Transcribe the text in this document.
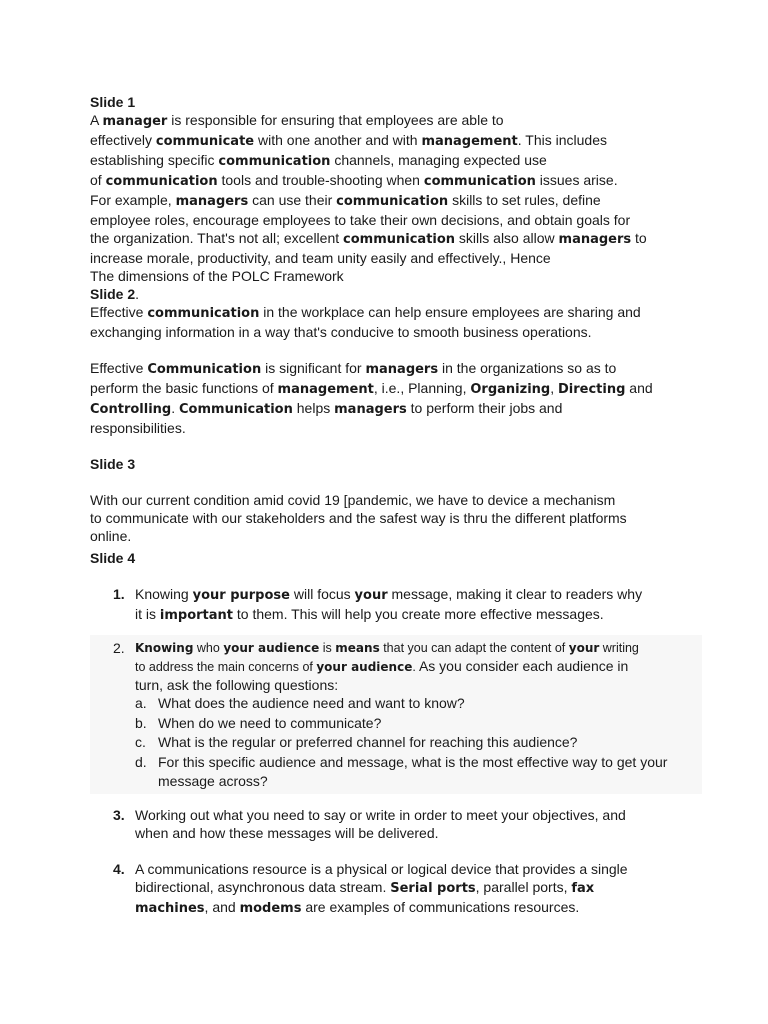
Slide 1

A manager is responsible for ensuring that employees are able to

effectively communicate with one another and with management. This includes

establishing specific communication channels, managing expected use

of communication tools and trouble-shooting when communication issues arise.

For example, managers can use their communication skills to set rules, define

employee roles, encourage employees to take their own decisions, and obtain goals for

the organization. That's not all; excellent communication skills also allow managers to

increase morale, productivity, and team unity easily and effectively., Hence

The dimensions of the POLC Framework

Slide 2.

Effective communication in the workplace can help ensure employees are sharing and

exchanging information in a way that's conducive to smooth business operations.

Effective Communication is significant for managers in the organizations so as to

perform the basic functions of management, i.e., Planning, Organizing, Directing and

Controlling. Communication helps managers to perform their jobs and

responsibilities.

Slide 3

With our current condition amid covid 19 [pandemic, we have to device a mechanism

to communicate with our stakeholders and the safest way is thru the different platforms

online.

Slide 4

1. Knowing your purpose will focus your message, making it clear to readers why

it is important to them. This will help you create more effective messages.

2. Knowing who your audience is means that you can adapt the content of your writing

to address the main concerns of your audience. As you consider each audience in

turn, ask the following questions:

a. What does the audience need and want to know?
b. When do we need to communicate?
c. What is the regular or preferred channel for reaching this audience?
d. For this specific audience and message, what is the most effective way to get your message across?
3. Working out what you need to say or write in order to meet your objectives, and

when and how these messages will be delivered.

4. A communications resource is a physical or logical device that provides a single

bidirectional, asynchronous data stream. Serial ports, parallel ports, fax

machines, and modems are examples of communications resources.
